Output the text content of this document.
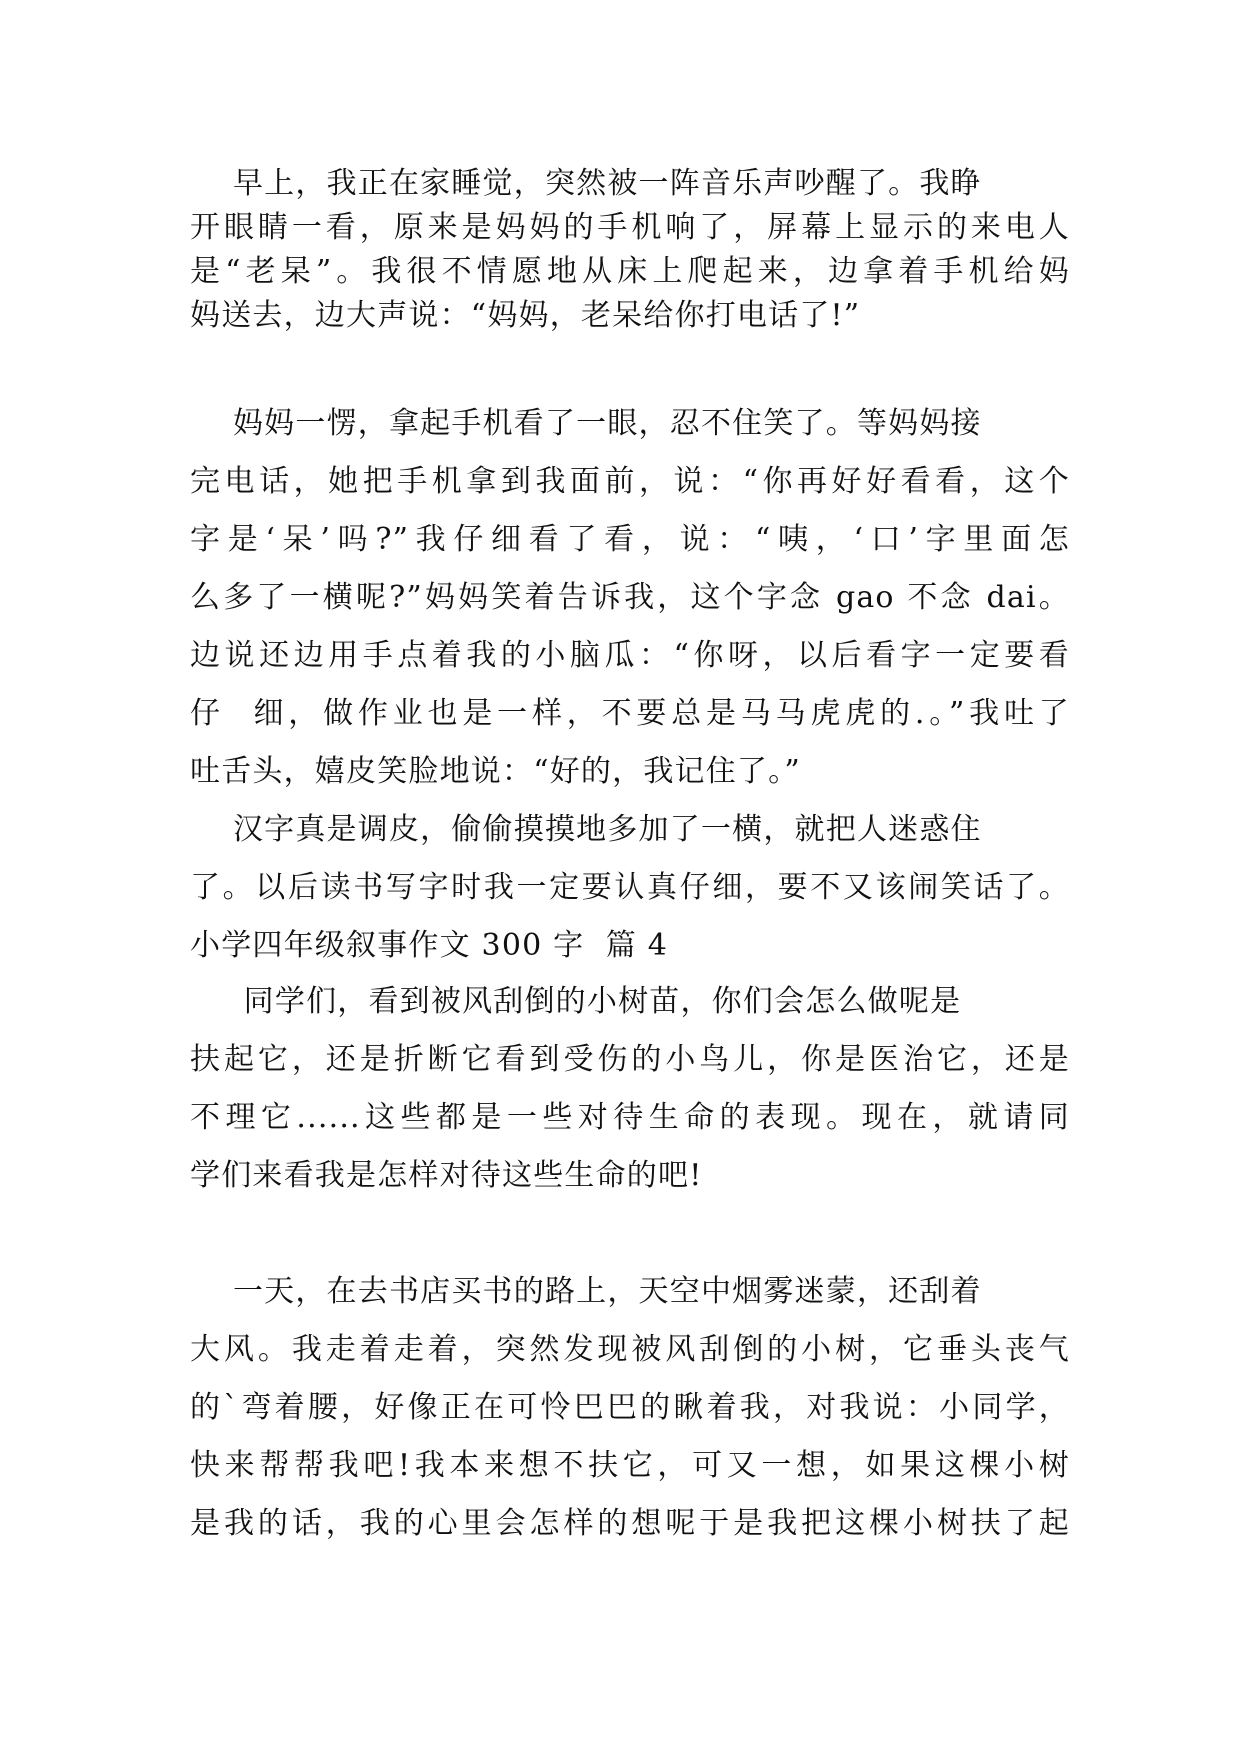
早上，我正在家睡觉，突然被一阵音乐声吵醒了。我睁
开眼睛一看，原来是妈妈的手机响了，屏幕上显示的来电人
是“老杲”。我很不情愿地从床上爬起来，边拿着手机给妈
妈送去，边大声说：“妈妈，老呆给你打电话了!”
妈妈一愣，拿起手机看了一眼，忍不住笑了。等妈妈接
完电话，她把手机拿到我面前，说：“你再好好看看，这个
字是‘呆’吗?”我仔细看了看，说：“咦，‘口’字里面怎
么多了一横呢?”妈妈笑着告诉我，这个字念 gao 不念 dai。
边说还边用手点着我的小脑瓜：“你呀，以后看字一定要看
仔  细，做作业也是一样，不要总是马马虎虎的.。”我吐了
吐舌头，嬉皮笑脸地说：“好的，我记住了。”
汉字真是调皮，偷偷摸摸地多加了一横，就把人迷惑住
了。以后读书写字时我一定要认真仔细，要不又该闹笑话了。
小学四年级叙事作文 300 字  篇 4
同学们，看到被风刮倒的小树苗，你们会怎么做呢是
扶起它，还是折断它看到受伤的小鸟儿，你是医治它，还是
不理它......这些都是一些对待生命的表现。现在，就请同
学们来看我是怎样对待这些生命的吧!
一天，在去书店买书的路上，天空中烟雾迷蒙，还刮着
大风。我走着走着，突然发现被风刮倒的小树，它垂头丧气
的`弯着腰，好像正在可怜巴巴的瞅着我，对我说：小同学，
快来帮帮我吧!我本来想不扶它，可又一想，如果这棵小树
是我的话，我的心里会怎样的想呢于是我把这棵小树扶了起
